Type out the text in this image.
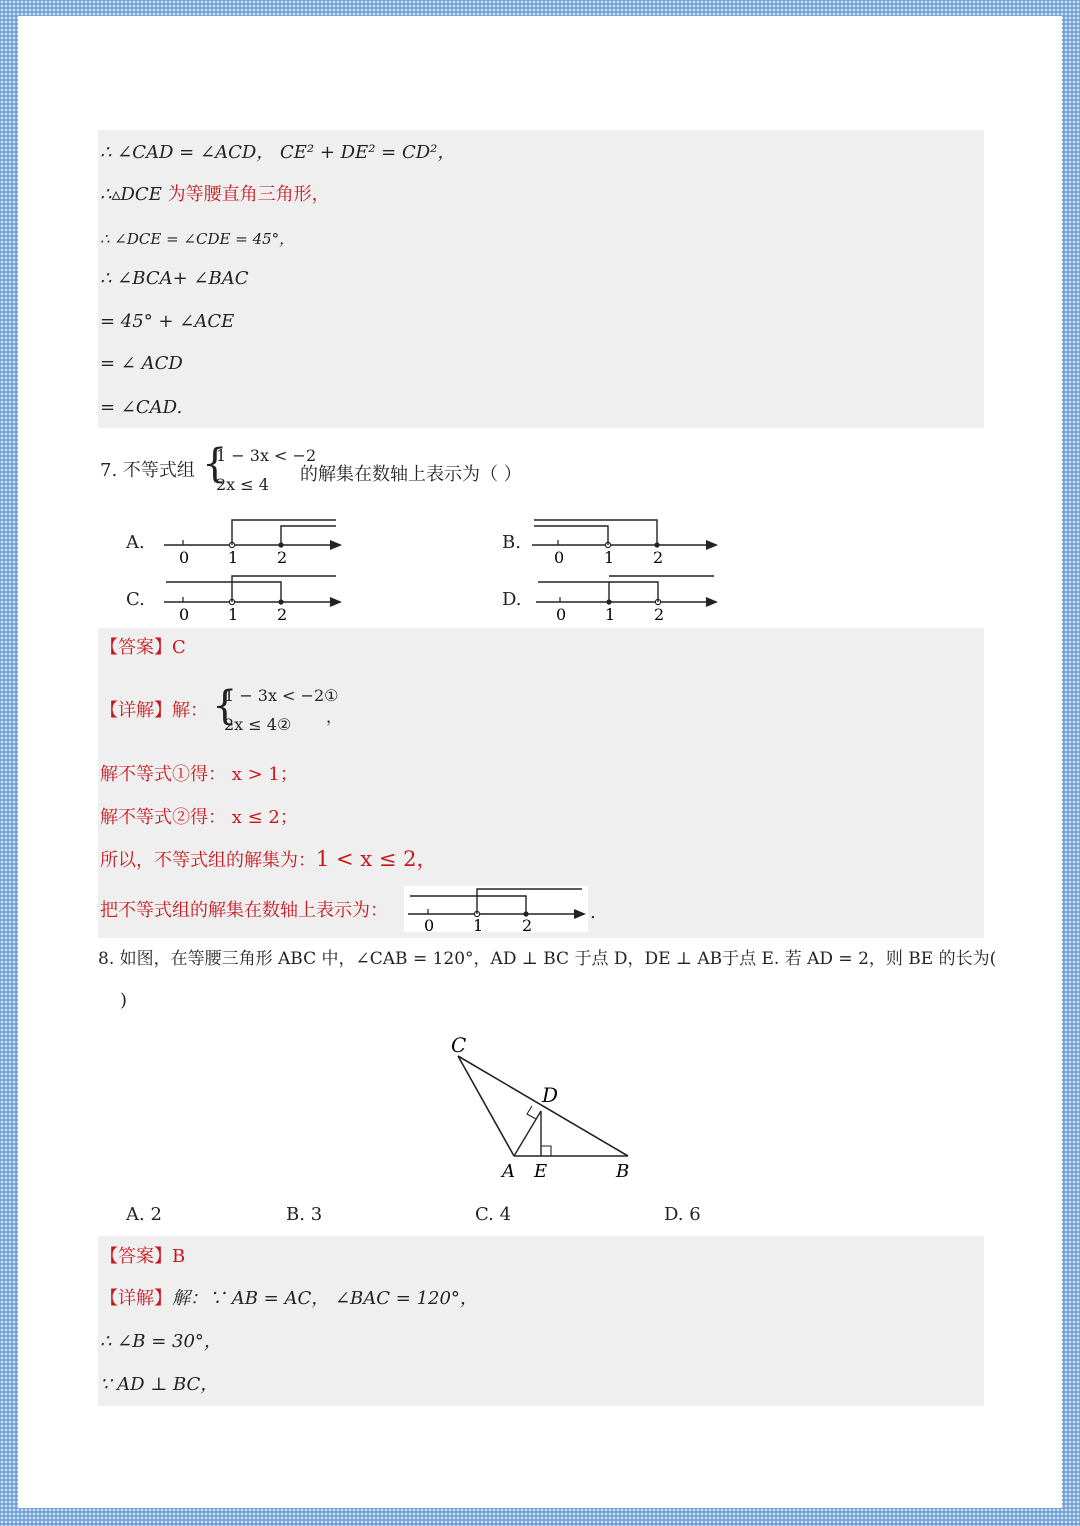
∴ ∠CAD = ∠ACD， CE² + DE² = CD²，
∴▵DCE 为等腰直角三角形，
∴ ∠DCE = ∠CDE = 45°，
∴ ∠BCA+ ∠BAC
= 45° + ∠ACE
= ∠ ACD
= ∠CAD.
7. 不等式组 {
1 − 3x < −2
2x ≤ 4 的解集在数轴上表示为（ ）
A.
0 1 2
B.
0 1 2
C.
0 1 2
D.
0 1 2
【答案】C
【详解】解： {
1 − 3x < −2①
2x ≤ 4② ，
解不等式①得： x > 1；
解不等式②得： x ≤ 2；
所以，不等式组的解集为：1 < x ≤ 2，
把不等式组的解集在数轴上表示为：
0 1 2
.
8. 如图，在等腰三角形 ABC 中，∠CAB = 120°，AD ⊥ BC 于点 D，DE ⊥ AB于点 E. 若 AD = 2，则 BE 的长为(
)
C
D
A E	B
A. 2	B. 3	C. 4	D. 6
【答案】B
【详解】解：∵ AB = AC， ∠BAC = 120°，
∴ ∠B = 30°，
∵ AD ⊥ BC，
